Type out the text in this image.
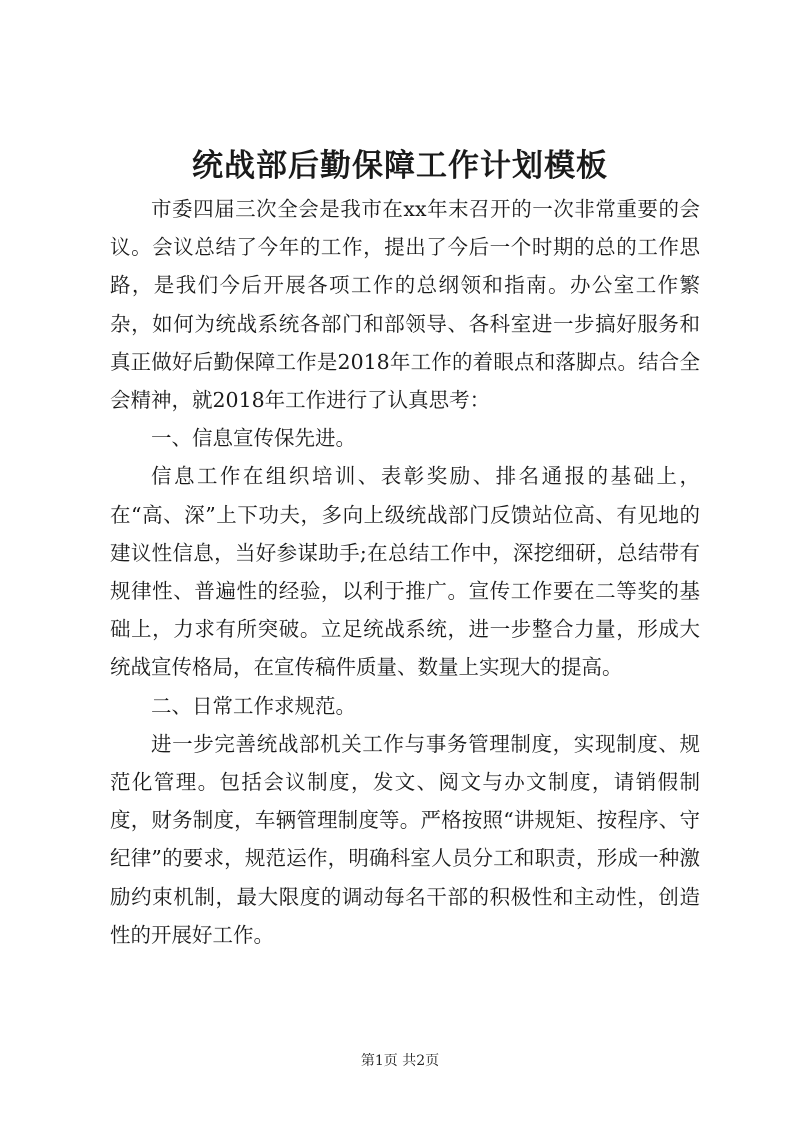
统战部后勤保障工作计划模板

市委四届三次全会是我市在xx年末召开的一次非常重要的会议。会议总结了今年的工作，提出了今后一个时期的总的工作思路，是我们今后开展各项工作的总纲领和指南。办公室工作繁杂，如何为统战系统各部门和部领导、各科室进一步搞好服务和真正做好后勤保障工作是2018年工作的着眼点和落脚点。结合全会精神，就2018年工作进行了认真思考：

一、信息宣传保先进。

信息工作在组织培训、表彰奖励、排名通报的基础上，在“高、深”上下功夫，多向上级统战部门反馈站位高、有见地的建议性信息，当好参谋助手;在总结工作中，深挖细研，总结带有规律性、普遍性的经验，以利于推广。宣传工作要在二等奖的基础上，力求有所突破。立足统战系统，进一步整合力量，形成大统战宣传格局，在宣传稿件质量、数量上实现大的提高。

二、日常工作求规范。

进一步完善统战部机关工作与事务管理制度，实现制度、规范化管理。包括会议制度，发文、阅文与办文制度，请销假制度，财务制度，车辆管理制度等。严格按照“讲规矩、按程序、守纪律”的要求，规范运作，明确科室人员分工和职责，形成一种激励约束机制，最大限度的调动每名干部的积极性和主动性，创造性的开展好工作。

第1页 共2页
